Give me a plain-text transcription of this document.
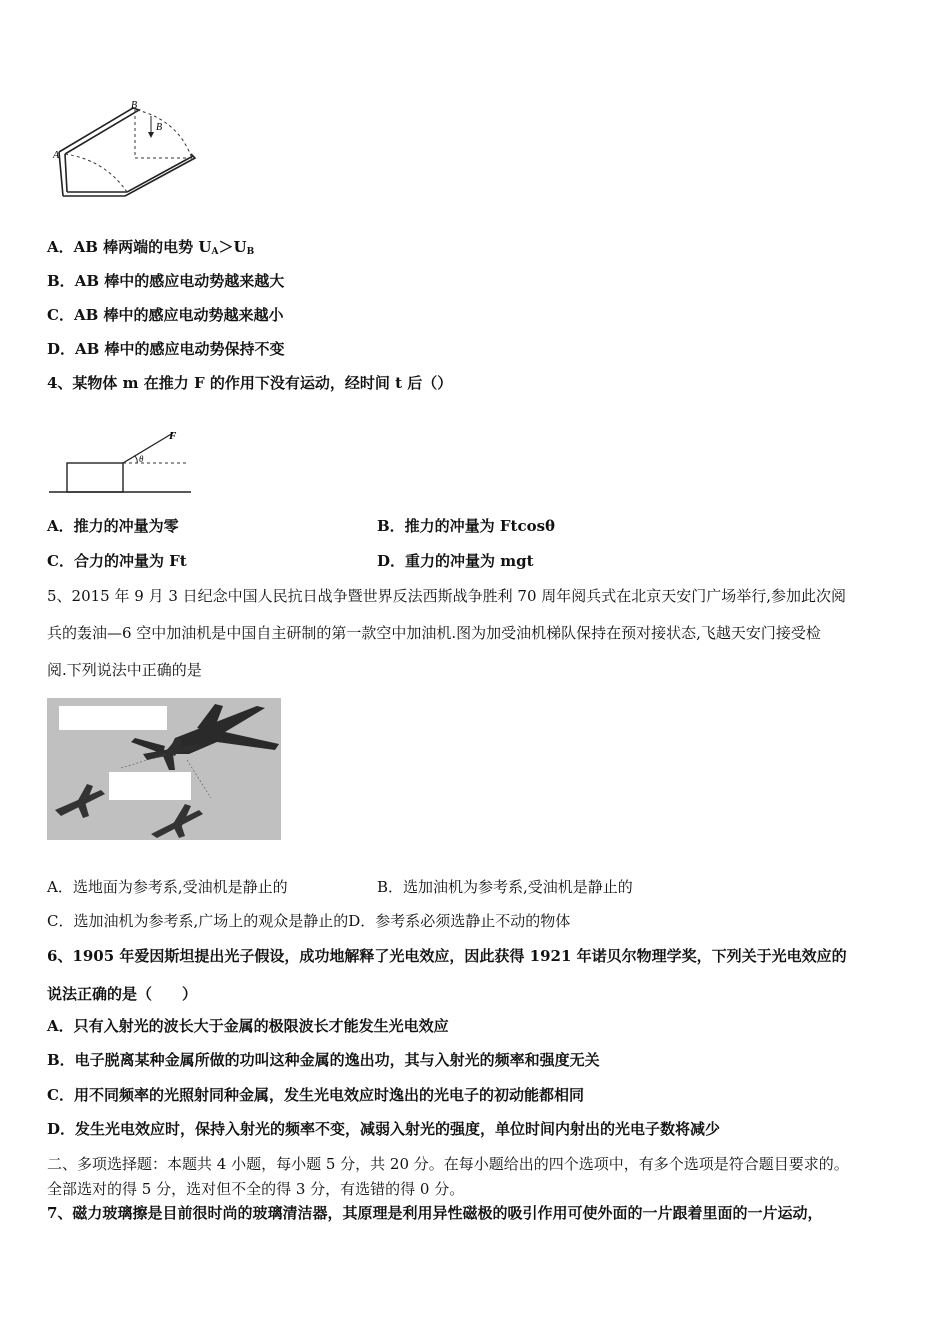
B
A
B
A．AB 棒两端的电势 $U_A>U_B$
B．AB 棒中的感应电动势越来越大
C．AB 棒中的感应电动势越来越小
D．AB 棒中的感应电动势保持不变
4、某物体 m 在推力 F 的作用下没有运动，经时间 t 后（）
F
θ
A．推力的冲量为零	B．推力的冲量为 Ftcosθ
C．合力的冲量为 Ft	D．重力的冲量为 mgt
5、2015 年 9 月 3 日纪念中国人民抗日战争暨世界反法西斯战争胜利 70 周年阅兵式在北京天安门广场举行,参加此次阅
兵的轰油—6 空中加油机是中国自主研制的第一款空中加油机.图为加受油机梯队保持在预对接状态,飞越天安门接受检
阅.下列说法中正确的是
A．选地面为参考系,受油机是静止的	B．选加油机为参考系,受油机是静止的
C．选加油机为参考系,广场上的观众是静止的D．参考系必须选静止不动的物体
6、1905 年爱因斯坦提出光子假设，成功地解释了光电效应，因此获得 1921 年诺贝尔物理学奖，下列关于光电效应的
说法正确的是（　　）
A．只有入射光的波长大于金属的极限波长才能发生光电效应
B．电子脱离某种金属所做的功叫这种金属的逸出功，其与入射光的频率和强度无关
C．用不同频率的光照射同种金属，发生光电效应时逸出的光电子的初动能都相同
D．发生光电效应时，保持入射光的频率不变，减弱入射光的强度，单位时间内射出的光电子数将减少
二、多项选择题：本题共 4 小题，每小题 5 分，共 20 分。在每小题给出的四个选项中，有多个选项是符合题目要求的。
全部选对的得 5 分，选对但不全的得 3 分，有选错的得 0 分。
7、磁力玻璃擦是目前很时尚的玻璃清洁器，其原理是利用异性磁极的吸引作用可使外面的一片跟着里面的一片运动，
